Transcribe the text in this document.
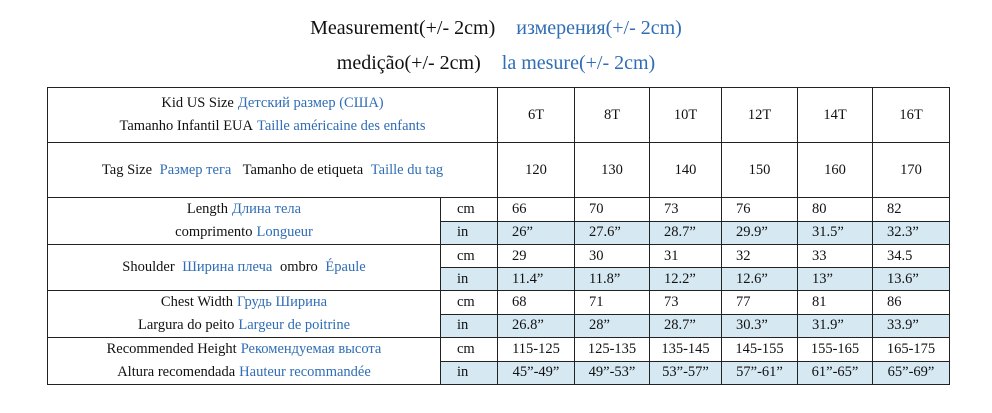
Measurement(+/- 2cm) измерения(+/- 2cm)
medição(+/- 2cm) la mesure(+/- 2cm)
Kid US Size Детский размер (США)
Tamanho Infantil EUA Taille américaine des enfants		6T	8T	10T	12T	14T	16T

Tag Size Размер тега Tamanho de etiqueta Taille du tag		120	130	140	150	160	170

Length Длина тела
comprimento Longueur	cm	66	70	73	76	80	82
	in	26”	27.6”	28.7”	29.9”	31.5”	32.3”

Shoulder Ширина плеча ombro Épaule	cm	29	30	31	32	33	34.5
	in	11.4”	11.8”	12.2”	12.6”	13”	13.6”

Chest Width Грудь Ширина
Largura do peito Largeur de poitrine	cm	68	71	73	77	81	86
	in	26.8”	28”	28.7”	30.3”	31.9”	33.9”

Recommended Height Рекомендуемая высота
Altura recomendada Hauteur recommandée	cm	115-125	125-135	135-145	145-155	155-165	165-175
	in	45”-49”	49”-53”	53”-57”	57”-61”	61”-65”	65”-69”
